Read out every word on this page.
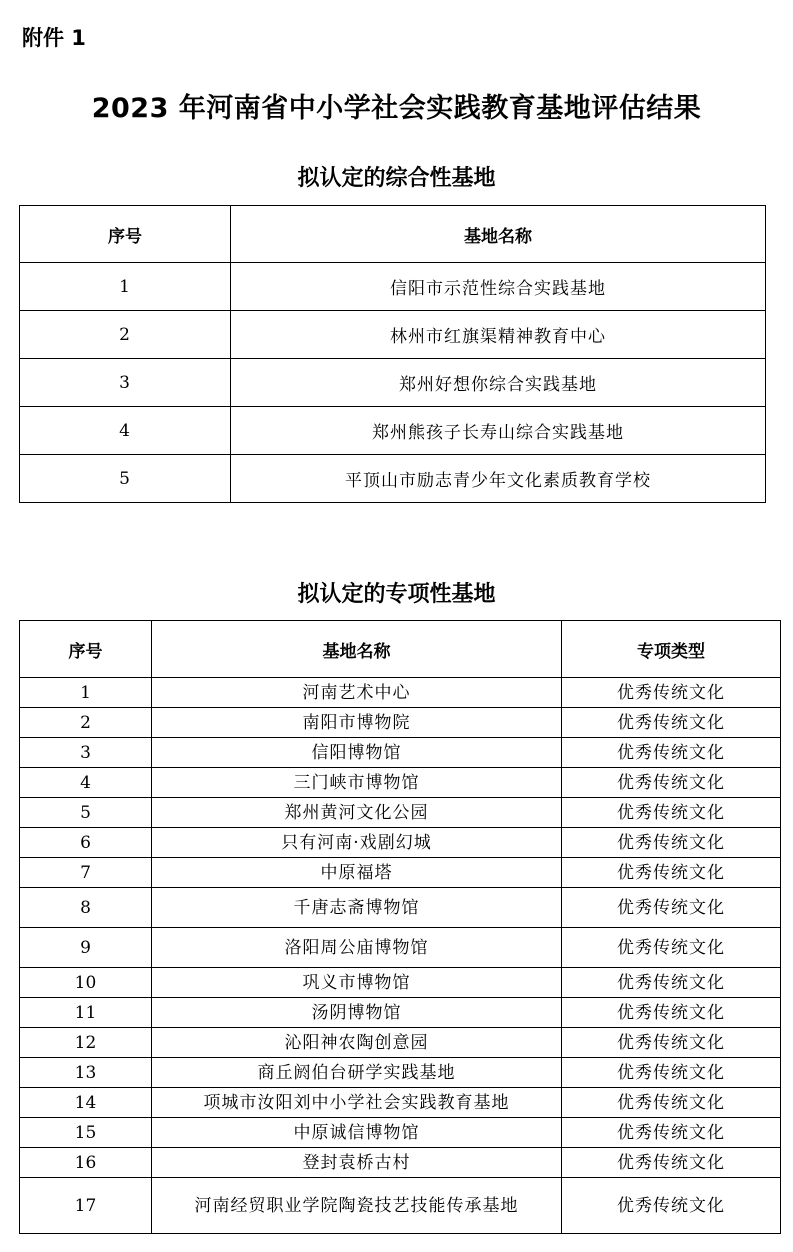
附件 1
2023 年河南省中小学社会实践教育基地评估结果
拟认定的综合性基地
序号	基地名称
1	信阳市示范性综合实践基地
2	林州市红旗渠精神教育中心
3	郑州好想你综合实践基地
4	郑州熊孩子长寿山综合实践基地
5	平顶山市励志青少年文化素质教育学校
拟认定的专项性基地
序号	基地名称	专项类型
1	河南艺术中心	优秀传统文化
2	南阳市博物院	优秀传统文化
3	信阳博物馆	优秀传统文化
4	三门峡市博物馆	优秀传统文化
5	郑州黄河文化公园	优秀传统文化
6	只有河南·戏剧幻城	优秀传统文化
7	中原福塔	优秀传统文化
8	千唐志斋博物馆	优秀传统文化
9	洛阳周公庙博物馆	优秀传统文化
10	巩义市博物馆	优秀传统文化
11	汤阴博物馆	优秀传统文化
12	沁阳神农陶创意园	优秀传统文化
13	商丘阏伯台研学实践基地	优秀传统文化
14	项城市汝阳刘中小学社会实践教育基地	优秀传统文化
15	中原诚信博物馆	优秀传统文化
16	登封袁桥古村	优秀传统文化
17	河南经贸职业学院陶瓷技艺技能传承基地	优秀传统文化
